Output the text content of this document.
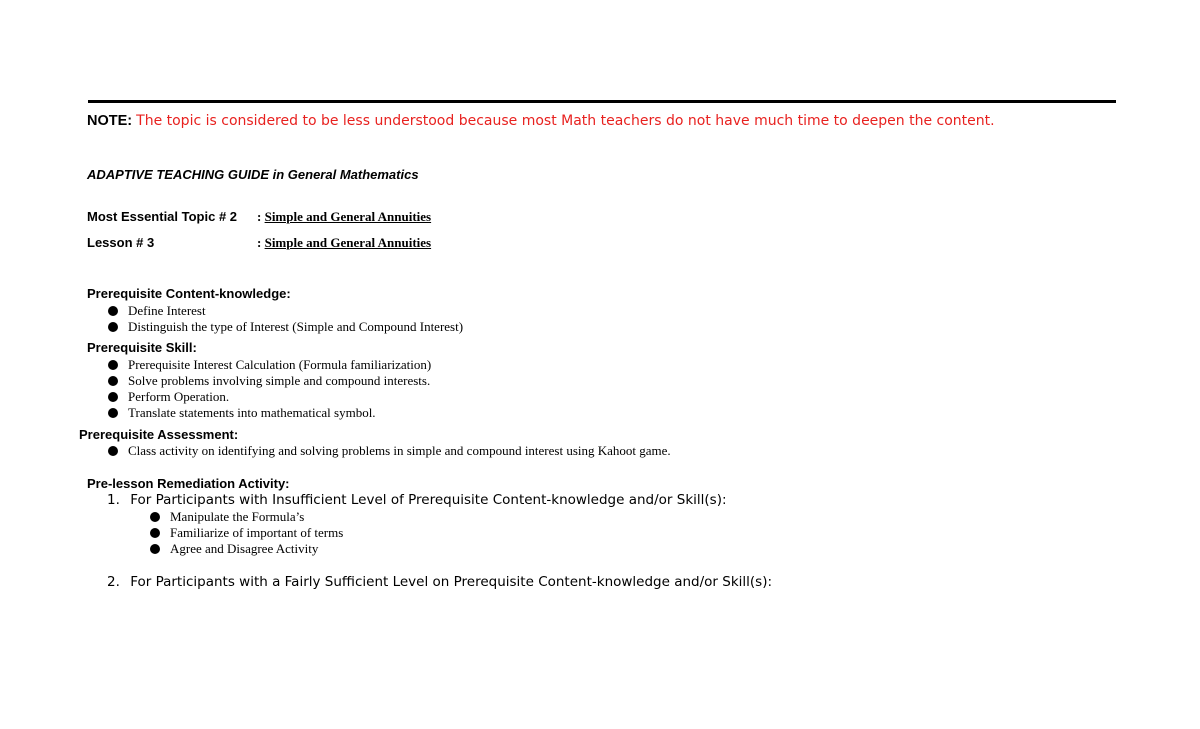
NOTE: The topic is considered to be less understood because most Math teachers do not have much time to deepen the content.
ADAPTIVE TEACHING GUIDE in General Mathematics
Most Essential Topic # 2 : Simple and General Annuities
Lesson # 3	: Simple and General Annuities
Prerequisite Content-knowledge:
Define Interest
Distinguish the type of Interest (Simple and Compound Interest)
Prerequisite Skill:
Prerequisite Interest Calculation (Formula familiarization)
Solve problems involving simple and compound interests.
Perform Operation.
Translate statements into mathematical symbol.
Prerequisite Assessment:
Class activity on identifying and solving problems in simple and compound interest using Kahoot game.
Pre-lesson Remediation Activity:
1. For Participants with Insufficient Level of Prerequisite Content-knowledge and/or Skill(s):
Manipulate the Formula’s
Familiarize of important of terms
Agree and Disagree Activity
2. For Participants with a Fairly Sufficient Level on Prerequisite Content-knowledge and/or Skill(s):
